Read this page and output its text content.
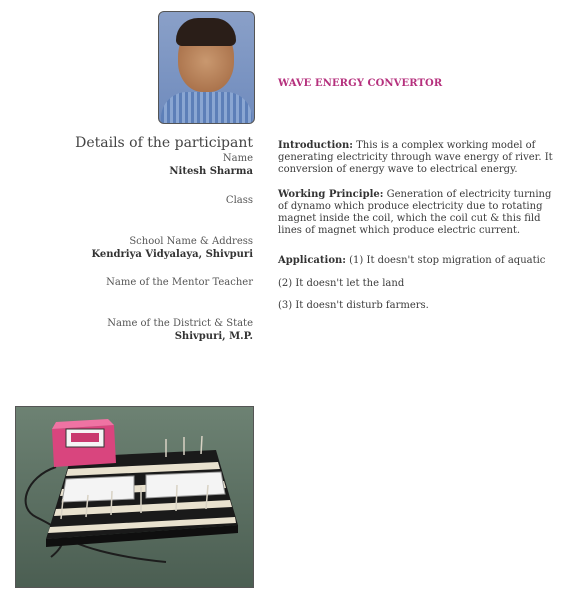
WAVE ENERGY CONVERTOR
Details of the participant
Name
Nitesh Sharma
Class
School Name & Address
Kendriya Vidyalaya, Shivpuri
Name of the Mentor Teacher
Name of the District & State
Shivpuri, M.P.
Introduction: This is a complex working model of generating electricity through wave energy of river. It conversion of energy wave to electrical energy.
Working Principle: Generation of electricity turning of dynamo which produce electricity due to rotating magnet inside the coil, which the coil cut & this fild lines of magnet which produce electric current.
Application: (1) It doesn't stop migration of aquatic
(2) It doesn't let the land
(3) It doesn't disturb farmers.
